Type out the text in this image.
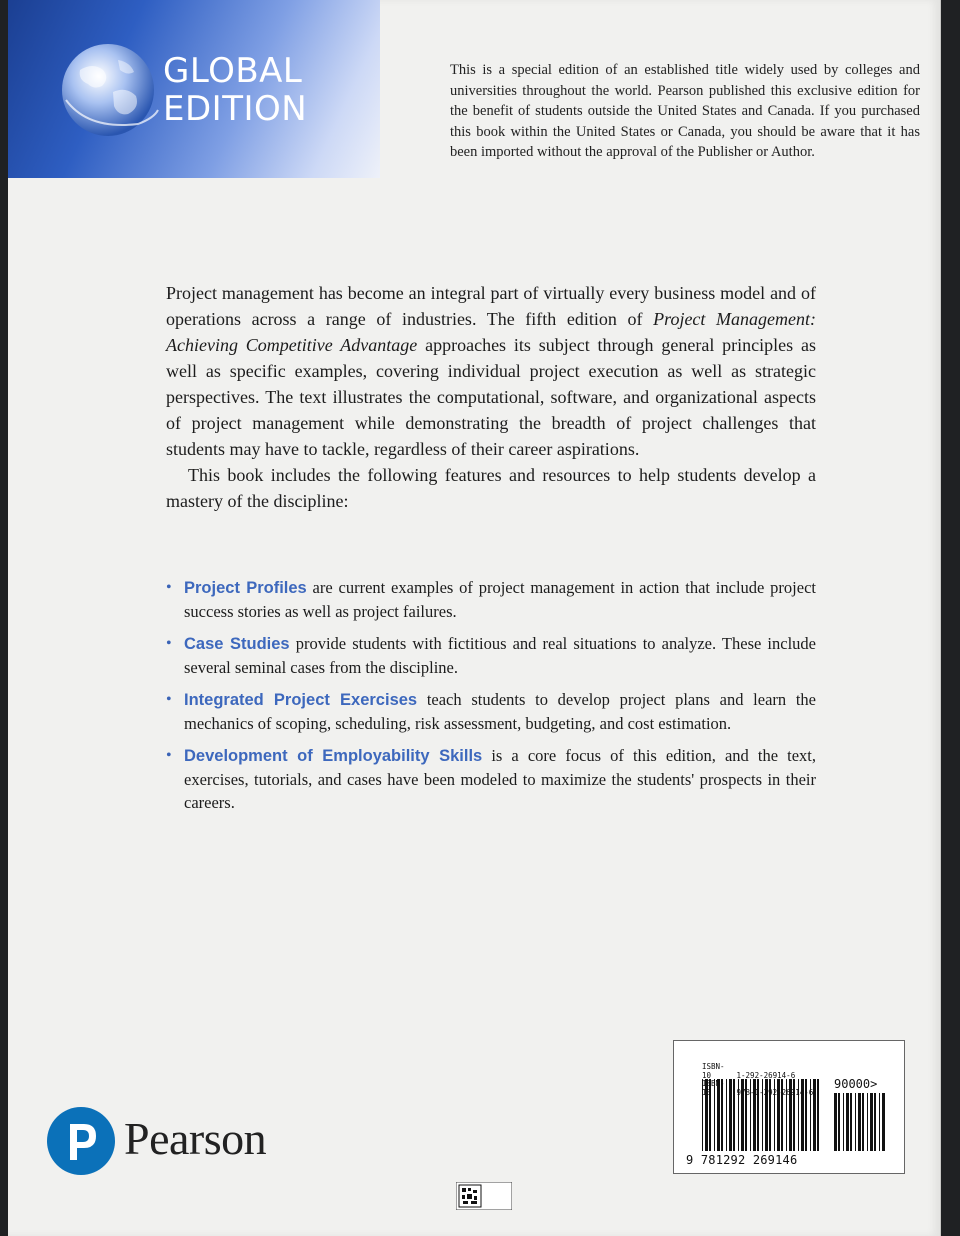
GLOBAL
EDITION
This is a special edition of an established title widely used by colleges and universities throughout the world. Pearson published this exclusive edition for the benefit of students outside the United States and Canada. If you purchased this book within the United States or Canada, you should be aware that it has been imported without the approval of the Publisher or Author.

Project management has become an integral part of virtually every business model and of operations across a range of industries. The fifth edition of Project Management: Achieving Competitive Advantage approaches its subject through general principles as well as specific examples, covering individual project execution as well as strategic perspectives. The text illustrates the computational, software, and organizational aspects of project management while demonstrating the breadth of project challenges that students may have to tackle, regardless of their career aspirations.

This book includes the following features and resources to help students develop a mastery of the discipline:

• Project Profiles are current examples of project management in action that include project success stories as well as project failures.
• Case Studies provide students with fictitious and real situations to analyze. These include several seminal cases from the discipline.
• Integrated Project Exercises teach students to develop project plans and learn the mechanics of scoping, scheduling, risk assessment, budgeting, and cost estimation.
• Development of Employability Skills is a core focus of this edition, and the text, exercises, tutorials, and cases have been modeled to maximize the students' prospects in their careers.
Pearson
ISBN-10	1-292-26914-6
ISBN-13	978-1-292-26914-6
90000>
9 781292 269146
